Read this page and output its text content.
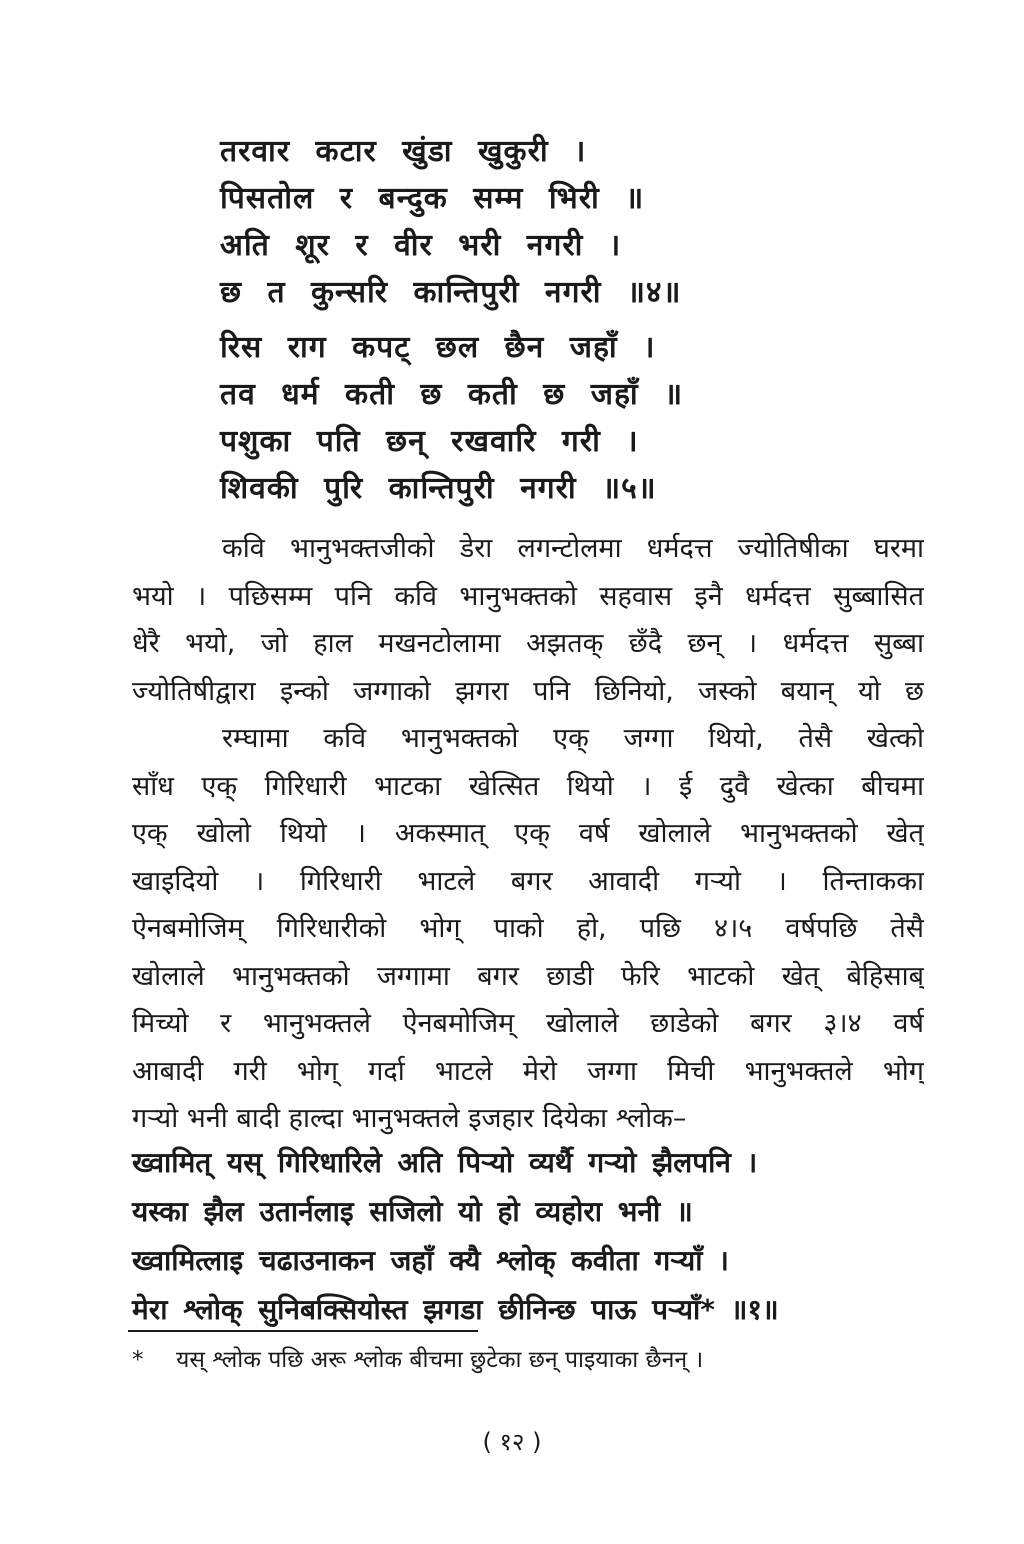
तरवार कटार खुंडा खुकुरी ।
पिसतोल र बन्दुक सम्म भिरी ॥
अति शूर र वीर भरी नगरी ।
छ त कुन्सरि कान्तिपुरी नगरी ॥४॥
रिस राग कपट् छल छैन जहाँ ।
तव धर्म कती छ कती छ जहाँ ॥
पशुका पति छन् रखवारि गरी ।
शिवकी पुरि कान्तिपुरी नगरी ॥५॥
कवि भानुभक्तजीको डेरा लगन्टोलमा धर्मदत्त ज्योतिषीका घरमा
भयो । पछिसम्म पनि कवि भानुभक्तको सहवास इनै धर्मदत्त सुब्बासित
धेरै भयो, जो हाल मखनटोलामा अझतक् छँदै छन् । धर्मदत्त सुब्बा
ज्योतिषीद्वारा इन्को जग्गाको झगरा पनि छिनियो, जस्को बयान् यो छ
रम्घामा कवि भानुभक्तको एक् जग्गा थियो, तेसै खेत्को
साँध एक् गिरिधारी भाटका खेत्सित थियो । ई दुवै खेत्का बीचमा
एक् खोलो थियो । अकस्मात् एक् वर्ष खोलाले भानुभक्तको खेत्
खाइदियो । गिरिधारी भाटले बगर आवादी गर्‍यो । तिन्ताकका
ऐनबमोजिम् गिरिधारीको भोग् पाको हो, पछि ४।५ वर्षपछि तेसै
खोलाले भानुभक्तको जग्गामा बगर छाडी फेरि भाटको खेत् बेहिसाब्
मिच्यो र भानुभक्तले ऐनबमोजिम् खोलाले छाडेको बगर ३।४ वर्ष
आबादी गरी भोग् गर्दा भाटले मेरो जग्गा मिची भानुभक्तले भोग्
गर्‍यो भनी बादी हाल्दा भानुभक्तले इजहार दियेका श्लोक–
ख्वामित् यस् गिरिधारिले अति पिर्‍यो व्यर्थै गर्‍यो झैलपनि ।
यस्का झैल उतार्नलाइ सजिलो यो हो व्यहोरा भनी ॥
ख्वामित्लाइ चढाउनाकन जहाँ क्यै श्लोक् कवीता गर्‍याँ ।
मेरा श्लोक् सुनिबक्सियोस्त झगडा छीनिन्छ पाऊ पर्‍याँ* ॥१॥
* यस् श्लोक पछि अरू श्लोक बीचमा छुटेका छन् पाइयाका छैनन् ।
( १२ )
